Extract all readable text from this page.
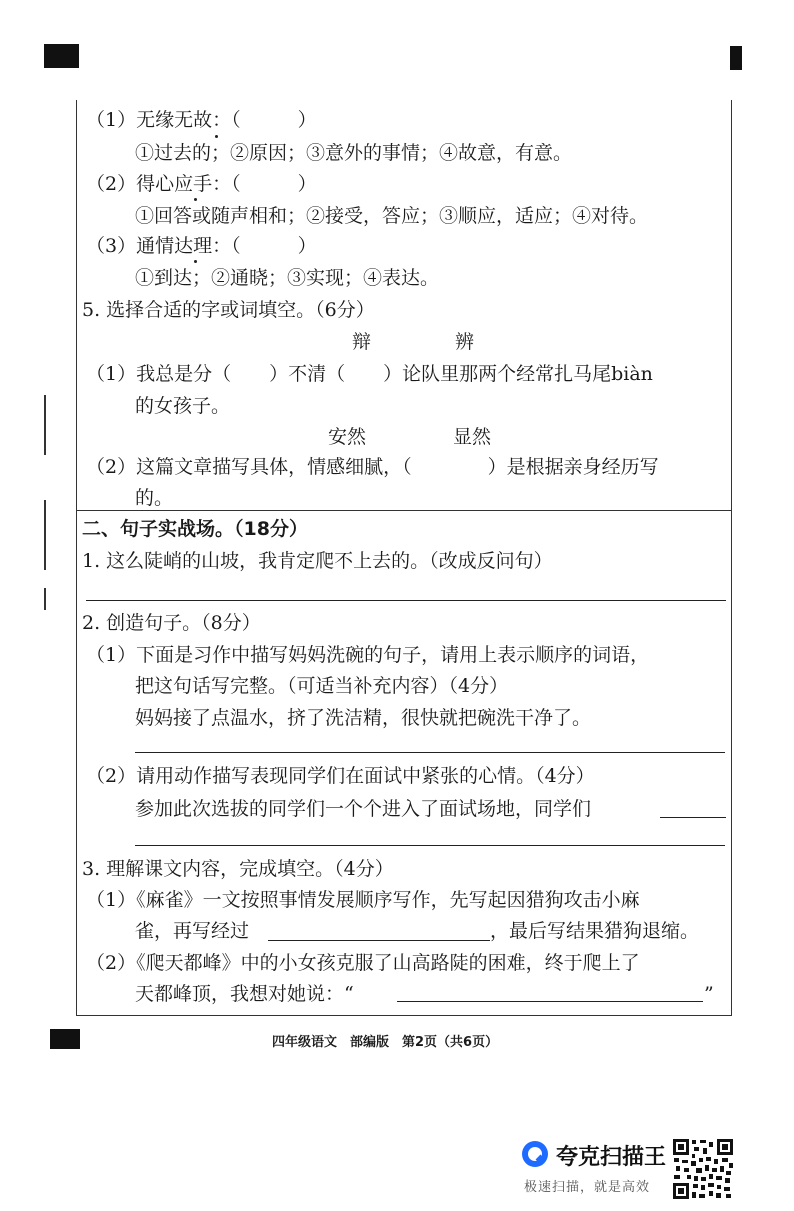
（1）无缘无故：（　　　）
①过去的；②原因；③意外的事情；④故意，有意。
（2）得心应手：（　　　）
①回答或随声相和；②接受，答应；③顺应，适应；④对待。
（3）通情达理：（　　　）
①到达；②通晓；③实现；④表达。
5. 选择合适的字或词填空。（6分）
辩	辨
（1）我总是分（　　）不清（　　）论队里那两个经常扎马尾biàn
的女孩子。
安然	显然
（2）这篇文章描写具体，情感细腻，（　　　　）是根据亲身经历写
的。
二、句子实战场。（18分）
1. 这么陡峭的山坡，我肯定爬不上去的。（改成反问句）
2. 创造句子。（8分）
（1）下面是习作中描写妈妈洗碗的句子，请用上表示顺序的词语，
把这句话写完整。（可适当补充内容）（4分）
妈妈接了点温水，挤了洗洁精，很快就把碗洗干净了。
（2）请用动作描写表现同学们在面试中紧张的心情。（4分）
参加此次选拔的同学们一个个进入了面试场地，同学们
3. 理解课文内容，完成填空。（4分）
（1）《麻雀》一文按照事情发展顺序写作，先写起因猎狗攻击小麻
雀，再写经过	，最后写结果猎狗退缩。
（2）《爬天都峰》中的小女孩克服了山高路陡的困难，终于爬上了
天都峰顶，我想对她说：“	”
四年级语文　部编版　第2页（共6页）
夸克扫描王
极速扫描，就是高效
